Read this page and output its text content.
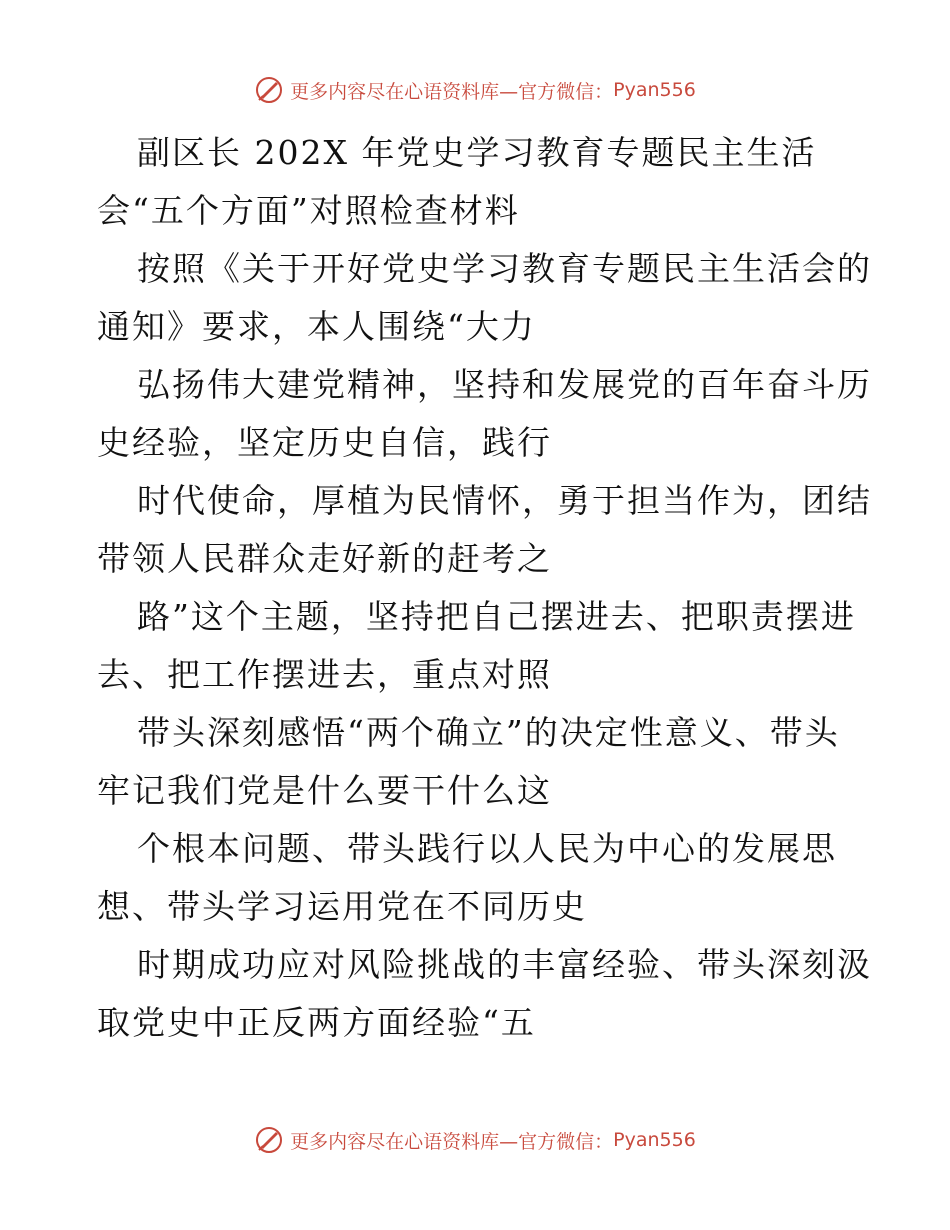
更多内容尽在心语资料库—官方微信： Pyan556
副区长 202X 年党史学习教育专题民主生活
会“五个方面”对照检查材料
按照《关于开好党史学习教育专题民主生活会的
通知》要求，本人围绕“大力
弘扬伟大建党精神，坚持和发展党的百年奋斗历
史经验，坚定历史自信，践行
时代使命，厚植为民情怀，勇于担当作为，团结
带领人民群众走好新的赶考之
路”这个主题，坚持把自己摆进去、把职责摆进
去、把工作摆进去，重点对照
带头深刻感悟“两个确立”的决定性意义、带头
牢记我们党是什么要干什么这
个根本问题、带头践行以人民为中心的发展思
想、带头学习运用党在不同历史
时期成功应对风险挑战的丰富经验、带头深刻汲
取党史中正反两方面经验“五
更多内容尽在心语资料库—官方微信： Pyan556
